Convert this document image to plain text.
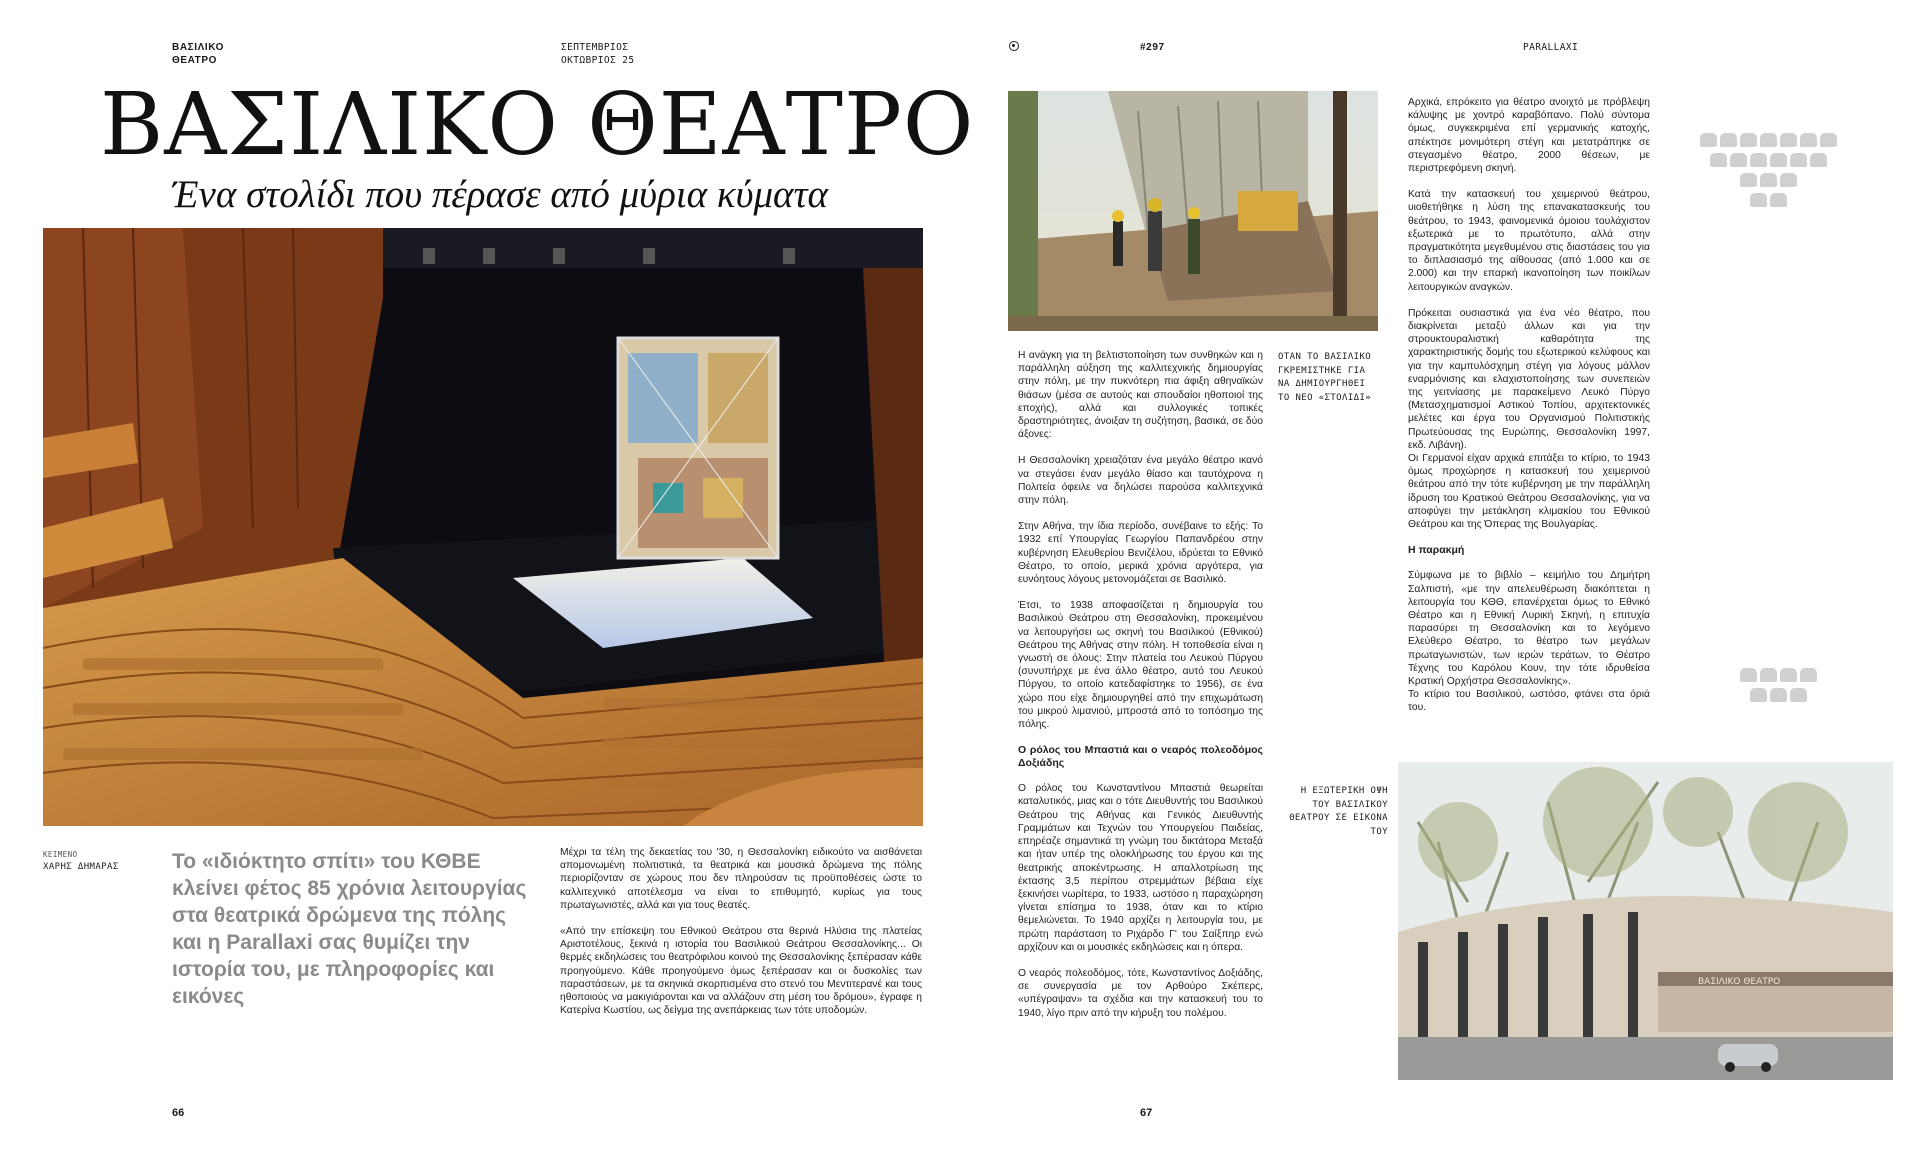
ΒΑΣΙΛΙΚΟ
ΘΕΑΤΡΟ
ΣΕΠΤΕΜΒΡΙΟΣ
ΟΚΤΩΒΡΙΟΣ 25
ΒΑΣΙΛΙΚΟ ΘΕΑΤΡΟ
Ένα στολίδι που πέρασε από μύρια κύματα
ΚΕΙΜΕΝΟ
ΧΑΡΗΣ ΔΗΜΑΡΑΣ	Το «ιδιόκτητο σπίτι» του ΚΘΒΕ κλείνει φέτος 85 χρόνια λειτουργίας στα θεατρικά δρώμενα της πόλης και η Parallaxi σας θυμίζει την ιστορία του, με πληροφορίες και εικόνες

Μέχρι τα τέλη της δεκαετίας του '30, η Θεσσαλονίκη ειδικούτο να αισθάνεται απομονωμένη πολιτιστικά, τα θεατρικά και μουσικά δρώμενα της πόλης περιορίζονταν σε χώρους που δεν πληρούσαν τις προϋποθέσεις ώστε το καλλιτεχνικό αποτέλεσμα να είναι το επιθυμητό, κυρίως για τους πρωταγωνιστές, αλλά και για τους θεατές.

«Από την επίσκεψη του Εθνικού Θεάτρου στα θερινά Ηλύσια της πλατείας Αριστοτέλους, ξεκινά η ιστορία του Βασιλικού Θεάτρου Θεσσαλονίκης... Οι θερμές εκδηλώσεις του θεατρόφιλου κοινού της Θεσσαλονίκης ξεπέρασαν κάθε προηγούμενο. Κάθε προηγούμενο όμως ξεπέρασαν και οι δυσκολίες των παραστάσεων, με τα σκηνικά σκορπισμένα στο στενό του Μεντιτερανέ και τους ηθοποιούς να μακιγιάρονται και να αλλάζουν στη μέση του δρόμου», έγραφε η Κατερίνα Κωστίου, ως δείγμα της ανεπάρκειας των τότε υποδομών.

66
#297	PARALLAXI
ΟΤΑΝ ΤΟ ΒΑΣΙΛΙΚΟ ΓΚΡΕΜΙΣΤΗΚΕ ΓΙΑ ΝΑ ΔΗΜΙΟΥΡΓΗΘΕΙ ΤΟ ΝΕΟ «ΣΤΟΛΙΔΙ»

Η ανάγκη για τη βελτιστοποίηση των συνθηκών και η παράλληλη αύξηση της καλλιτεχνικής δημιουργίας στην πόλη, με την πυκνότερη πια άφιξη αθηναϊκών θιάσων (μέσα σε αυτούς και σπουδαίοι ηθοποιοί της εποχής), αλλά και συλλογικές τοπικές δραστηριότητες, άνοιξαν τη συζήτηση, βασικά, σε δύο άξονες:

Η Θεσσαλονίκη χρειαζόταν ένα μεγάλο θέατρο ικανό να στεγάσει έναν μεγάλο θίασο και ταυτόχρονα η Πολιτεία όφειλε να δηλώσει παρούσα καλλιτεχνικά στην πόλη.

Στην Αθήνα, την ίδια περίοδο, συνέβαινε το εξής: Το 1932 επί Υπουργίας Γεωργίου Παπανδρέου στην κυβέρνηση Ελευθερίου Βενιζέλου, ιδρύεται το Εθνικό Θέατρο, το οποίο, μερικά χρόνια αργότερα, για ευνόητους λόγους μετονομάζεται σε Βασιλικό.

Έτσι, το 1938 αποφασίζεται η δημιουργία του Βασιλικού Θεάτρου στη Θεσσαλονίκη, προκειμένου να λειτουργήσει ως σκηνή του Βασιλικού (Εθνικού) Θεάτρου της Αθήνας στην πόλη. Η τοποθεσία είναι η γνωστή σε όλους: Στην πλατεία του Λευκού Πύργου (συνυπήρχε με ένα άλλο θέατρο, αυτό του Λευκού Πύργου, το οποίο κατεδαφίστηκε το 1956), σε ένα χώρο που είχε δημιουργηθεί από την επιχωμάτωση του μικρού λιμανιού, μπροστά από το τοπόσημο της πόλης.

Ο ρόλος του Μπαστιά και ο νεαρός πολεοδόμος Δοξιάδης

Ο ρόλος του Κωνσταντίνου Μπαστιά θεωρείται καταλυτικός, μιας και ο τότε Διευθυντής του Βασιλικού Θεάτρου της Αθήνας και Γενικός Διευθυντής Γραμμάτων και Τεχνών του Υπουργείου Παιδείας, επηρέαζε σημαντικά τη γνώμη του δικτάτορα Μεταξά και ήταν υπέρ της ολοκλήρωσης του έργου και της θεατρικής αποκέντρωσης. Η απαλλοτρίωση της έκτασης 3,5 περίπου στρεμμάτων βέβαια είχε ξεκινήσει νωρίτερα, το 1933, ωστόσο η παραχώρηση γίνεται επίσημα το 1938, όταν και το κτίριο θεμελιώνεται. Το 1940 αρχίζει η λειτουργία του, με πρώτη παράσταση το Ριχάρδο Γ' του Σαίξπηρ ενώ αρχίζουν και οι μουσικές εκδηλώσεις και η όπερα.

Ο νεαρός πολεοδόμος, τότε, Κωνσταντίνος Δοξιάδης, σε συνεργασία με τον Αρθούρο Σκέπερς, «υπέγραψαν» τα σχέδια και την κατασκευή του το 1940, λίγο πριν από την κήρυξη του πολέμου.

Η ΕΞΩΤΕΡΙΚΗ ΟΨΗ ΤΟΥ ΒΑΣΙΛΙΚΟΥ ΘΕΑΤΡΟΥ ΣΕ ΕΙΚΟΝΑ ΤΟΥ

Αρχικά, επρόκειτο για θέατρο ανοιχτό με πρόβλεψη κάλυψης με χοντρό καραβόπανο. Πολύ σύντομα όμως, συγκεκριμένα επί γερμανικής κατοχής, απέκτησε μονιμότερη στέγη και μετατράπηκε σε στεγασμένο θέατρο, 2000 θέσεων, με περιστρεφόμενη σκηνή.

Κατά την κατασκευή του χειμερινού θεάτρου, υιοθετήθηκε η λύση της επανακατασκευής του θεάτρου, το 1943, φαινομενικά όμοιου τουλάχιστον εξωτερικά με το πρωτότυπο, αλλά στην πραγματικότητα μεγεθυμένου στις διαστάσεις του για το διπλασιασμό της αίθουσας (από 1.000 και σε 2.000) και την επαρκή ικανοποίηση των ποικίλων λειτουργικών αναγκών.

Πρόκειται ουσιαστικά για ένα νέο θέατρο, που διακρίνεται μεταξύ άλλων και για την στρουκτουραλιστική καθαρότητα της χαρακτηριστικής δομής του εξωτερικού κελύφους και για την καμπυλόσχημη στέγη για λόγους μάλλον εναρμόνισης και ελαχιστοποίησης των συνεπειών της γειτνίασης με παρακείμενο Λευκό Πύργο (Μετασχηματισμοί Αστικού Τοπίου, αρχιτεκτονικές μελέτες και έργα του Οργανισμού Πολιτιστικής Πρωτεύουσας της Ευρώπης, Θεσσαλονίκη 1997, εκδ. Λιβάνη).
Οι Γερμανοί είχαν αρχικά επιτάξει το κτίριο, το 1943 όμως προχώρησε η κατασκευή του χειμερινού θεάτρου από την τότε κυβέρνηση με την παράλληλη ίδρυση του Κρατικού Θεάτρου Θεσσαλονίκης, για να αποφύγει την μετάκληση κλιμακίου του Εθνικού Θεάτρου και της Όπερας της Βουλγαρίας.

Η παρακμή

Σύμφωνα με το βιβλίο – κειμήλιο του Δημήτρη Σαλπιστή, «με την απελευθέρωση διακόπτεται η λειτουργία του ΚΘΘ, επανέρχεται όμως το Εθνικό Θέατρο και η Εθνική Λυρική Σκηνή, η επιτυχία παρασύρει τη Θεσσαλονίκη και το λεγόμενο Ελεύθερο Θέατρο, το θέατρο των μεγάλων πρωταγωνιστών, των ιερών τεράτων, το Θέατρο Τέχνης του Καρόλου Κουν, την τότε ιδρυθείσα Κρατική Ορχήστρα Θεσσαλονίκης».
Το κτίριο του Βασιλικού, ωστόσο, φτάνει στα όριά του.

ΒΑΣΙΛΙΚΟ ΘΕΑΤΡΟ
67
